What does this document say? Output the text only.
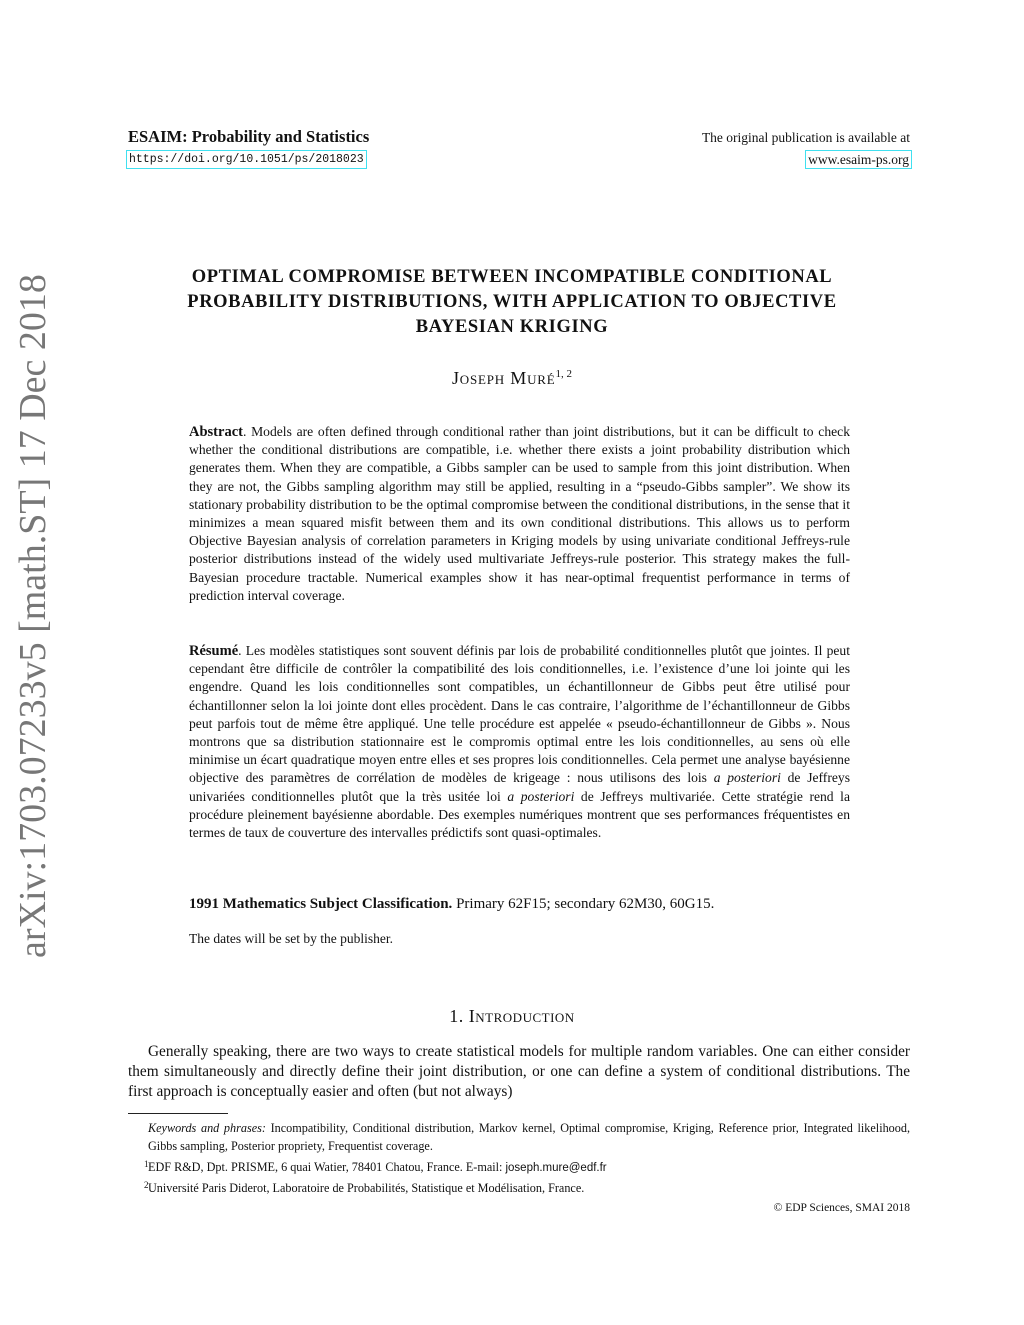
arXiv:1703.07233v5 [math.ST] 17 Dec 2018
ESAIM: Probability and Statistics
https://doi.org/10.1051/ps/2018023
The original publication is available at
www.esaim-ps.org
OPTIMAL COMPROMISE BETWEEN INCOMPATIBLE CONDITIONAL
PROBABILITY DISTRIBUTIONS, WITH APPLICATION TO OBJECTIVE
BAYESIAN KRIGING
Joseph Muré$^{1, 2}$
Abstract. Models are often defined through conditional rather than joint distributions, but it can be difficult to check whether the conditional distributions are compatible, i.e. whether there exists a joint probability distribution which generates them. When they are compatible, a Gibbs sampler can be used to sample from this joint distribution. When they are not, the Gibbs sampling algorithm may still be applied, resulting in a “pseudo-Gibbs sampler”. We show its stationary probability distribution to be the optimal compromise between the conditional distributions, in the sense that it minimizes a mean squared misfit between them and its own conditional distributions. This allows us to perform Objective Bayesian analysis of correlation parameters in Kriging models by using univariate conditional Jeffreys-rule posterior distributions instead of the widely used multivariate Jeffreys-rule posterior. This strategy makes the full-Bayesian procedure tractable. Numerical examples show it has near-optimal frequentist performance in terms of prediction interval coverage.
Résumé. Les modèles statistiques sont souvent définis par lois de probabilité conditionnelles plutôt que jointes. Il peut cependant être difficile de contrôler la compatibilité des lois conditionnelles, i.e. l’existence d’une loi jointe qui les engendre. Quand les lois conditionnelles sont compatibles, un échantillonneur de Gibbs peut être utilisé pour échantillonner selon la loi jointe dont elles procèdent. Dans le cas contraire, l’algorithme de l’échantillonneur de Gibbs peut parfois tout de même être appliqué. Une telle procédure est appelée « pseudo-échantillonneur de Gibbs ». Nous montrons que sa distribution stationnaire est le compromis optimal entre les lois conditionnelles, au sens où elle minimise un écart quadratique moyen entre elles et ses propres lois conditionnelles. Cela permet une analyse bayésienne objective des paramètres de corrélation de modèles de krigeage : nous utilisons des lois a posteriori de Jeffreys univariées conditionnelles plutôt que la très usitée loi a posteriori de Jeffreys multivariée. Cette stratégie rend la procédure pleinement bayésienne abordable. Des exemples numériques montrent que ses performances fréquentistes en termes de taux de couverture des intervalles prédictifs sont quasi-optimales.
1991 Mathematics Subject Classification. Primary 62F15; secondary 62M30, 60G15.
The dates will be set by the publisher.
1. Introduction
Generally speaking, there are two ways to create statistical models for multiple random variables. One can either consider them simultaneously and directly define their joint distribution, or one can define a system of conditional distributions. The first approach is conceptually easier and often (but not always)
Keywords and phrases: Incompatibility, Conditional distribution, Markov kernel, Optimal compromise, Kriging, Reference prior, Integrated likelihood, Gibbs sampling, Posterior propriety, Frequentist coverage.
1 EDF R&D, Dpt. PRISME, 6 quai Watier, 78401 Chatou, France. E-mail: joseph.mure@edf.fr
2 Université Paris Diderot, Laboratoire de Probabilités, Statistique et Modélisation, France.
© EDP Sciences, SMAI 2018
